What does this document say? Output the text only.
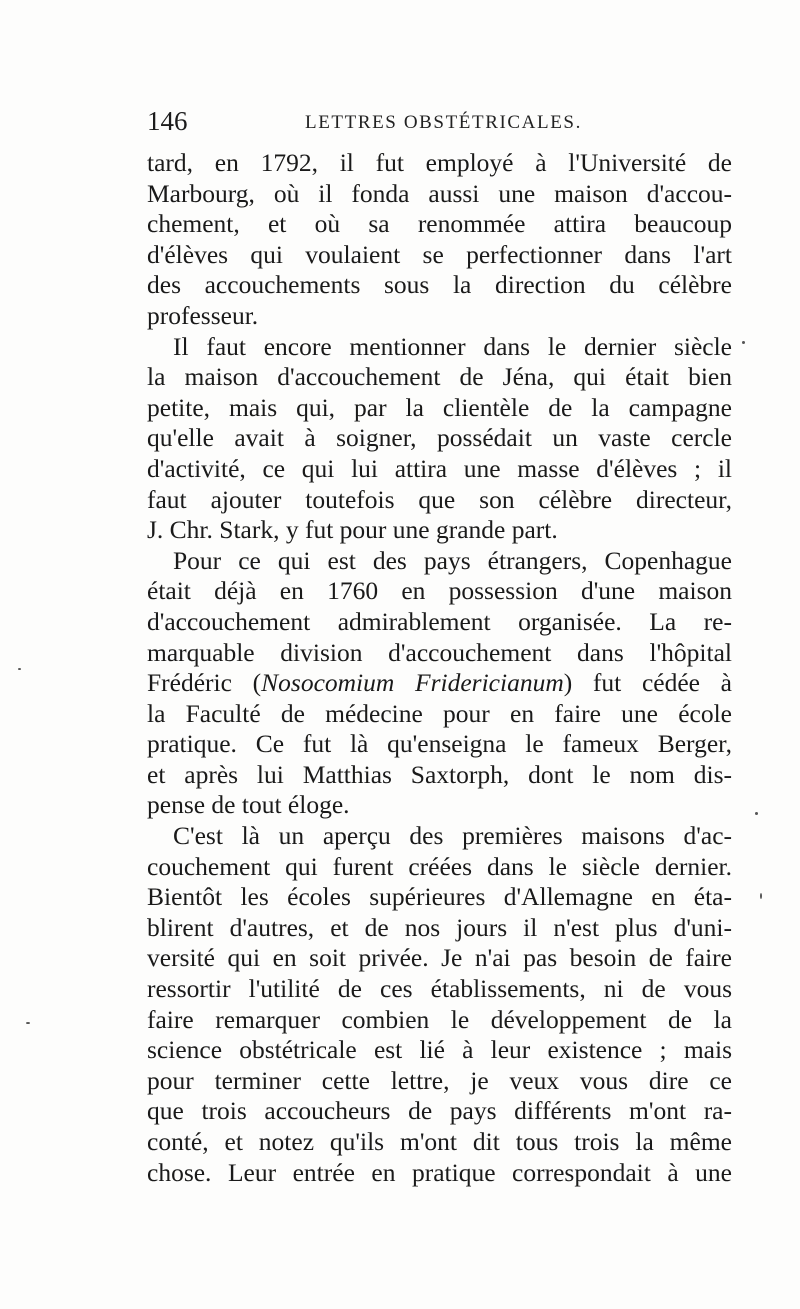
146	LETTRES OBSTÉTRICALES.
tard, en 1792, il fut employé à l'Université de
Marbourg, où il fonda aussi une maison d'accou-
chement, et où sa renommée attira beaucoup
d'élèves qui voulaient se perfectionner dans l'art
des accouchements sous la direction du célèbre
professeur.
Il faut encore mentionner dans le dernier siècle
la maison d'accouchement de Jéna, qui était bien
petite, mais qui, par la clientèle de la campagne
qu'elle avait à soigner, possédait un vaste cercle
d'activité, ce qui lui attira une masse d'élèves ; il
faut ajouter toutefois que son célèbre directeur,
J. Chr. Stark, y fut pour une grande part.
Pour ce qui est des pays étrangers, Copenhague
était déjà en 1760 en possession d'une maison
d'accouchement admirablement organisée. La re-
marquable division d'accouchement dans l'hôpital
Frédéric (Nosocomium Fridericianum) fut cédée à
la Faculté de médecine pour en faire une école
pratique. Ce fut là qu'enseigna le fameux Berger,
et après lui Matthias Saxtorph, dont le nom dis-
pense de tout éloge.
C'est là un aperçu des premières maisons d'ac-
couchement qui furent créées dans le siècle dernier.
Bientôt les écoles supérieures d'Allemagne en éta-
blirent d'autres, et de nos jours il n'est plus d'uni-
versité qui en soit privée. Je n'ai pas besoin de faire
ressortir l'utilité de ces établissements, ni de vous
faire remarquer combien le développement de la
science obstétricale est lié à leur existence ; mais
pour terminer cette lettre, je veux vous dire ce
que trois accoucheurs de pays différents m'ont ra-
conté, et notez qu'ils m'ont dit tous trois la même
chose. Leur entrée en pratique correspondait à une
